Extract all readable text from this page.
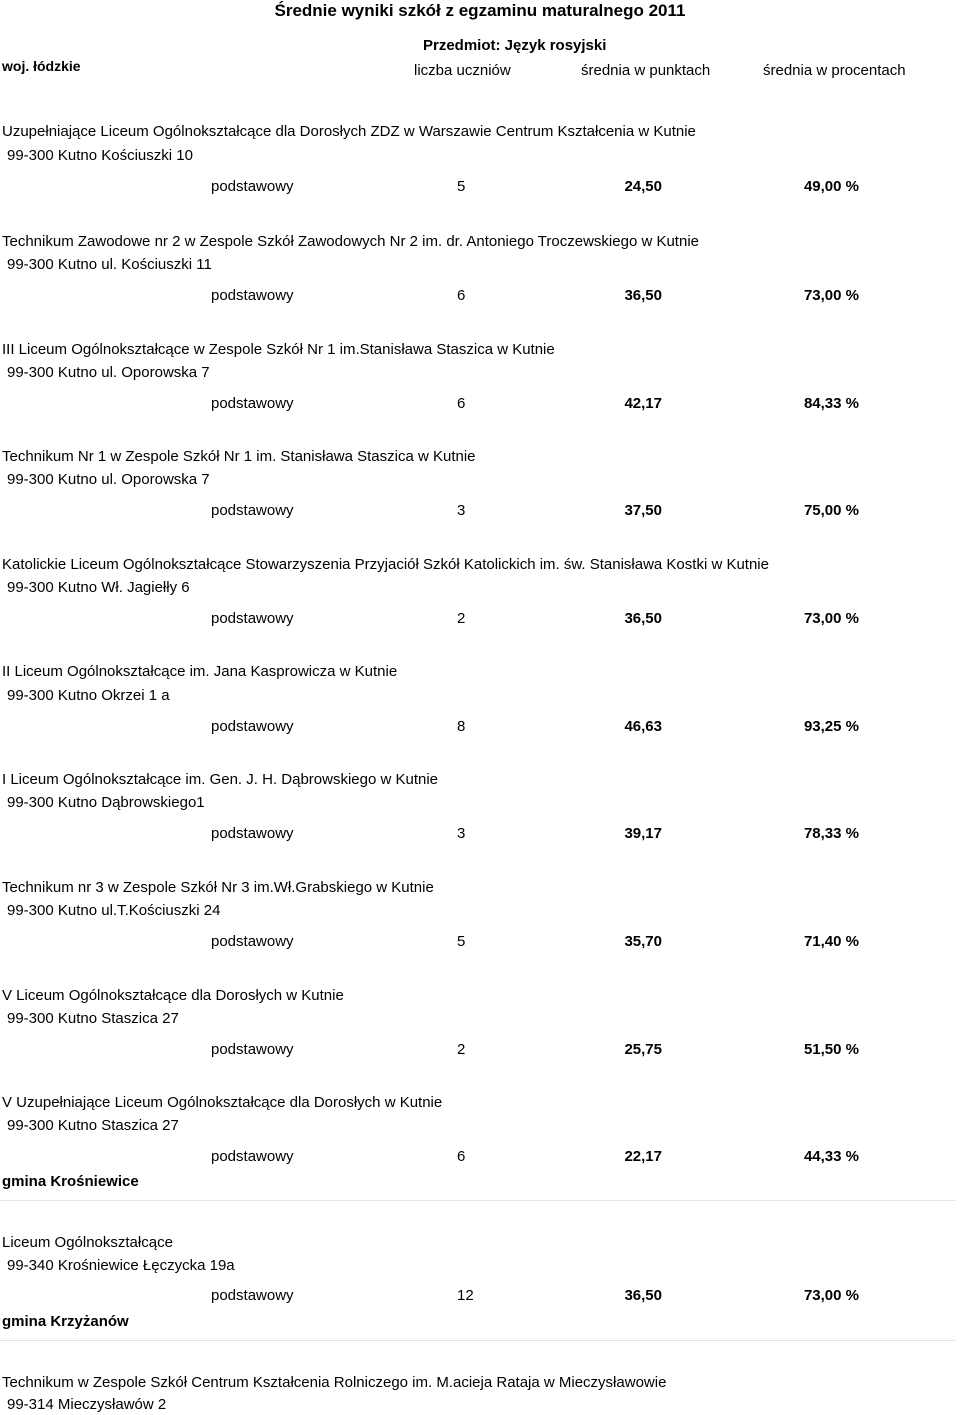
Średnie wyniki szkół z egzaminu maturalnego 2011
Przedmiot: Język rosyjski
woj. łódzkie	liczba uczniów	średnia w punktach	średnia w procentach
Uzupełniające Liceum Ogólnokształcące dla Dorosłych ZDZ w Warszawie Centrum Kształcenia w Kutnie
99-300 Kutno Kościuszki 10
podstawowy	5	24,50	49,00 %
Technikum Zawodowe nr 2 w Zespole Szkół Zawodowych Nr 2 im. dr. Antoniego Troczewskiego w Kutnie
99-300 Kutno ul. Kościuszki 11
podstawowy	6	36,50	73,00 %
III Liceum Ogólnokształcące w Zespole Szkół Nr 1 im.Stanisława Staszica w Kutnie
99-300 Kutno ul. Oporowska 7
podstawowy	6	42,17	84,33 %
Technikum Nr 1 w Zespole Szkół Nr 1 im. Stanisława Staszica w Kutnie
99-300 Kutno ul. Oporowska 7
podstawowy	3	37,50	75,00 %
Katolickie Liceum Ogólnokształcące Stowarzyszenia Przyjaciół Szkół Katolickich im. św. Stanisława Kostki w Kutnie
99-300 Kutno Wł. Jagiełły 6
podstawowy	2	36,50	73,00 %
II Liceum Ogólnokształcące im. Jana Kasprowicza w Kutnie
99-300 Kutno Okrzei 1 a
podstawowy	8	46,63	93,25 %
I Liceum Ogólnokształcące im. Gen. J. H. Dąbrowskiego w Kutnie
99-300 Kutno Dąbrowskiego1
podstawowy	3	39,17	78,33 %
Technikum nr 3 w Zespole Szkół Nr 3 im.Wł.Grabskiego w Kutnie
99-300 Kutno ul.T.Kościuszki 24
podstawowy	5	35,70	71,40 %
V Liceum Ogólnokształcące dla Dorosłych w Kutnie
99-300 Kutno Staszica 27
podstawowy	2	25,75	51,50 %
V Uzupełniające Liceum Ogólnokształcące dla Dorosłych w Kutnie
99-300 Kutno Staszica 27
podstawowy	6	22,17	44,33 %
Liceum Ogólnokształcące
99-340 Krośniewice Łęczycka 19a
podstawowy	12	36,50	73,00 %
Technikum w Zespole Szkół Centrum Kształcenia Rolniczego im. M.acieja Rataja w Mieczysławowie
99-314 Mieczysławów 2
gmina Krośniewice
gmina Krzyżanów
